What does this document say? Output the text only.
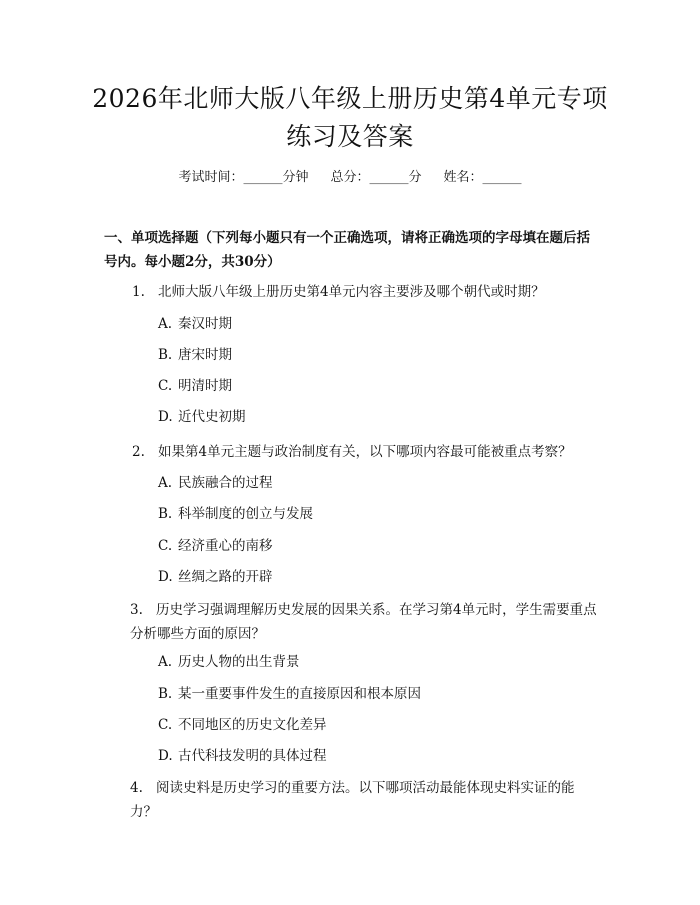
2026年北师大版八年级上册历史第4单元专项练习及答案
考试时间：______分钟 总分：______分 姓名：______
一、单项选择题（下列每小题只有一个正确选项，请将正确选项的字母填在题后括号内。每小题2分，共30分）
1. 北师大版八年级上册历史第4单元内容主要涉及哪个朝代或时期？
A. 秦汉时期
B. 唐宋时期
C. 明清时期
D. 近代史初期
2. 如果第4单元主题与政治制度有关，以下哪项内容最可能被重点考察？
A. 民族融合的过程
B. 科举制度的创立与发展
C. 经济重心的南移
D. 丝绸之路的开辟
3. 历史学习强调理解历史发展的因果关系。在学习第4单元时，学生需要重点分析哪些方面的原因？
A. 历史人物的出生背景
B. 某一重要事件发生的直接原因和根本原因
C. 不同地区的历史文化差异
D. 古代科技发明的具体过程
4. 阅读史料是历史学习的重要方法。以下哪项活动最能体现史料实证的能力？
